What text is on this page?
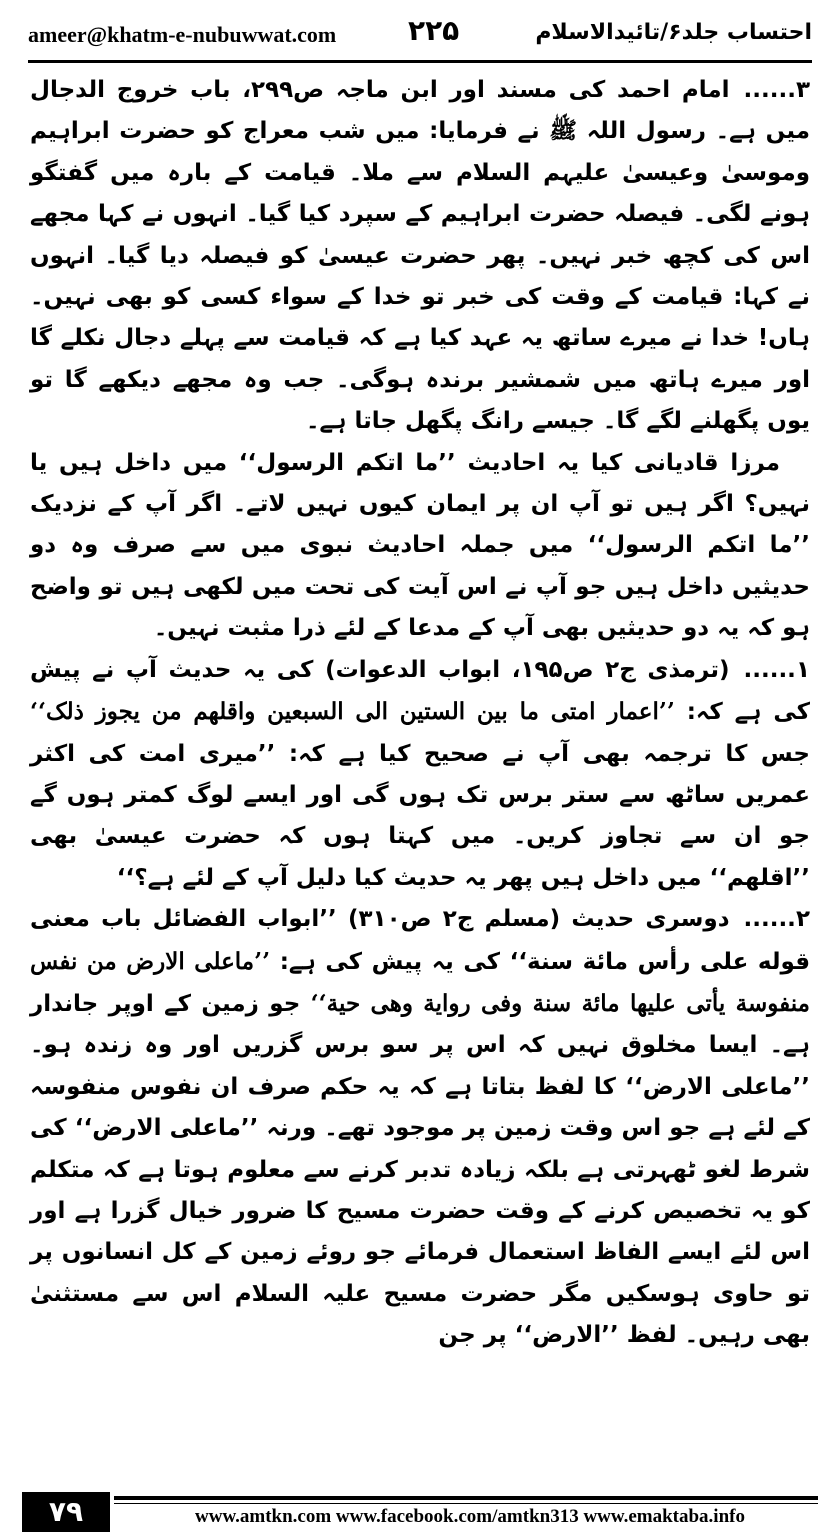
ameer@khatm-e-nubuwwat.com	۲۲۵	احتساب جلد۶/تائیدالاسلام

۳......امام احمد کی مسند اور ابن ماجہ ص۲۹۹، باب خروج الدجال میں ہے۔ رسول اللہ ﷺ نے فرمایا: میں شب معراج کو حضرت ابراہیم وموسیٰ وعیسیٰ علیہم السلام سے ملا۔ قیامت کے بارہ میں گفتگو ہونے لگی۔ فیصلہ حضرت ابراہیم کے سپرد کیا گیا۔ انہوں نے کہا مجھے اس کی کچھ خبر نہیں۔ پھر حضرت عیسیٰ کو فیصلہ دیا گیا۔ انہوں نے کہا: قیامت کے وقت کی خبر تو خدا کے سواء کسی کو بھی نہیں۔ ہاں! خدا نے میرے ساتھ یہ عہد کیا ہے کہ قیامت سے پہلے دجال نکلے گا اور میرے ہاتھ میں شمشیر برندہ ہوگی۔ جب وہ مجھے دیکھے گا تو یوں پگھلنے لگے گا۔ جیسے رانگ پگھل جاتا ہے۔

مرزا قادیانی کیا یہ احادیث ’’ما اتکم الرسول‘‘ میں داخل ہیں یا نہیں؟ اگر ہیں تو آپ ان پر ایمان کیوں نہیں لاتے۔ اگر آپ کے نزدیک ’’ما اتکم الرسول‘‘ میں جملہ احادیث نبوی میں سے صرف وہ دو حدیثیں داخل ہیں جو آپ نے اس آیت کی تحت میں لکھی ہیں تو واضح ہو کہ یہ دو حدیثیں بھی آپ کے مدعا کے لئے ذرا مثبت نہیں۔

۱......(ترمذی ج۲ ص۱۹۵، ابواب الدعوات) کی یہ حدیث آپ نے پیش کی ہے کہ: ’’اعمار امتی ما بین الستین الی السبعین واقلهم من یجوز ذلک‘‘ جس کا ترجمہ بھی آپ نے صحیح کیا ہے کہ: ’’میری امت کی اکثر عمریں ساٹھ سے ستر برس تک ہوں گی اور ایسے لوگ کمتر ہوں گے جو ان سے تجاوز کریں۔ میں کہتا ہوں کہ حضرت عیسیٰ بھی ’’اقلهم‘‘ میں داخل ہیں پھر یہ حدیث کیا دلیل آپ کے لئے ہے؟‘‘

۲......دوسری حدیث (مسلم ج۲ ص۳۱۰) ’’ابواب الفضائل باب معنی قوله علی رأس مائة سنة‘‘ کی یہ پیش کی ہے: ’’ماعلی الارض من نفس منفوسة یأتی علیها مائة سنة وفی روایة وهی حیة‘‘ جو زمین کے اوپر جاندار ہے۔ ایسا مخلوق نہیں کہ اس پر سو برس گزریں اور وہ زندہ ہو۔ ’’ماعلی الارض‘‘ کا لفظ بتاتا ہے کہ یہ حکم صرف ان نفوس منفوسہ کے لئے ہے جو اس وقت زمین پر موجود تھے۔ ورنہ ’’ماعلی الارض‘‘ کی شرط لغو ٹھہرتی ہے بلکہ زیادہ تدبر کرنے سے معلوم ہوتا ہے کہ متکلم کو یہ تخصیص کرنے کے وقت حضرت مسیح کا ضرور خیال گزرا ہے اور اس لئے ایسے الفاظ استعمال فرمائے جو روئے زمین کے کل انسانوں پر تو حاوی ہوسکیں مگر حضرت مسیح علیہ السلام اس سے مستثنیٰ بھی رہیں۔ لفظ ’’الارض‘‘ پر جن

۷۹	www.amtkn.com www.facebook.com/amtkn313 www.emaktaba.info
